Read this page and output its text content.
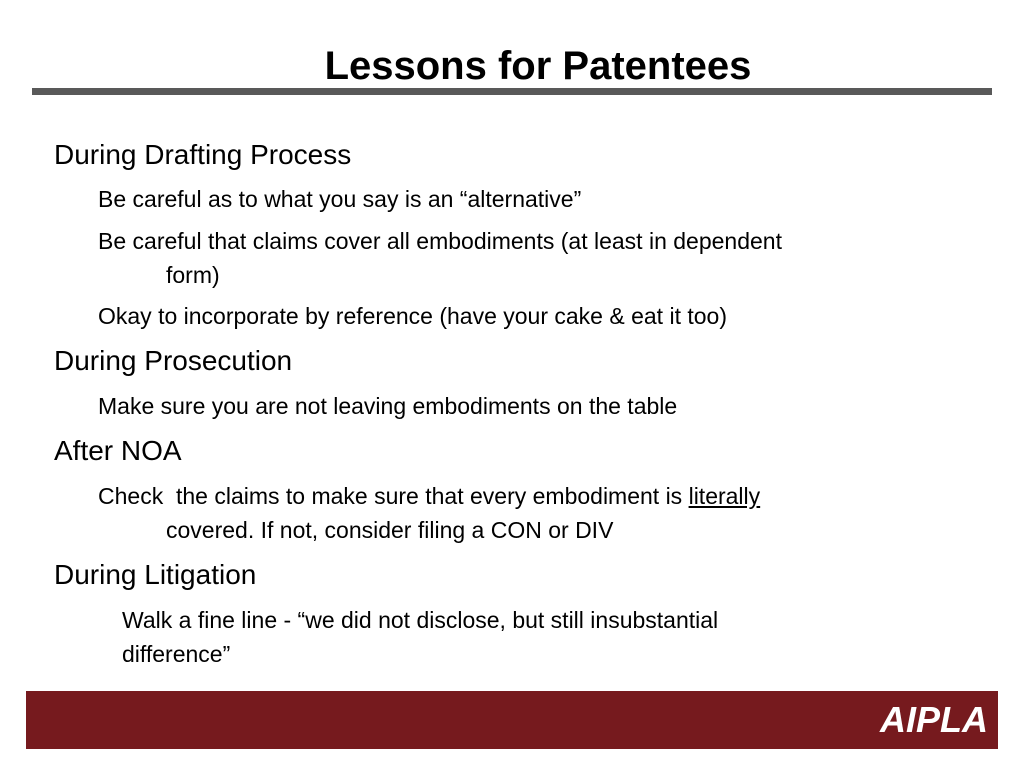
Lessons for Patentees
During Drafting Process
Be careful as to what you say is an “alternative”
Be careful that claims cover all embodiments (at least in dependent
form)
Okay to incorporate by reference (have your cake & eat it too)
During Prosecution
Make sure you are not leaving embodiments on the table
After NOA
Check  the claims to make sure that every embodiment is literally
covered. If not, consider filing a CON or DIV
During Litigation
Walk a fine line - “we did not disclose, but still insubstantial
difference”
AIPLA
